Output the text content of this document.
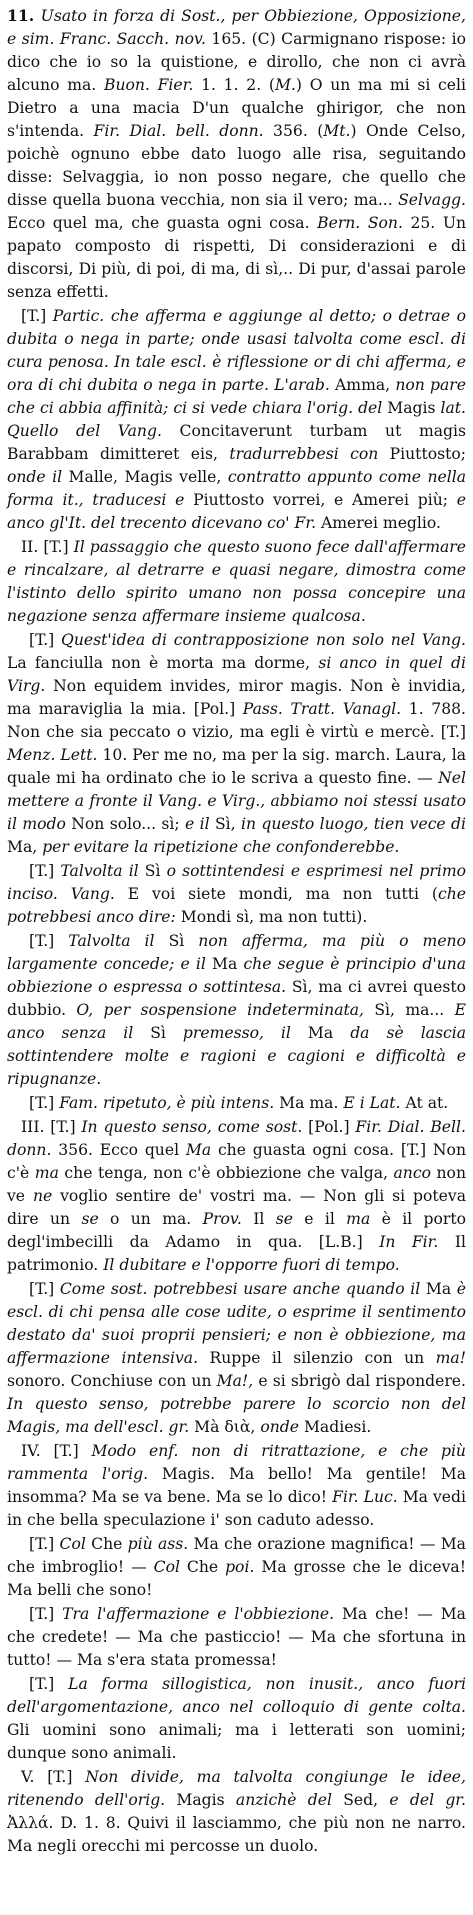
11. Usato in forza di Sost., per Obbiezione, Opposizione, e sim. Franc. Sacch. nov. 165. (C) Carmignano rispose: io dico che io so la quistione, e dirollo, che non ci avrà alcuno ma. Buon. Fier. 1. 1. 2. (M.) O un ma mi si celi Dietro a una macia D'un qualche ghirigor, che non s'intenda. Fir. Dial. bell. donn. 356. (Mt.) Onde Celso, poichè ognuno ebbe dato luogo alle risa, seguitando disse: Selvaggia, io non posso negare, che quello che disse quella buona vecchia, non sia il vero; ma... Selvagg. Ecco quel ma, che guasta ogni cosa. Bern. Son. 25. Un papato composto di rispetti, Di considerazioni e di discorsi, Di più, di poi, di ma, di sì,.. Di pur, d'assai parole senza effetti.

[T.] Partic. che afferma e aggiunge al detto; o detrae o dubita o nega in parte; onde usasi talvolta come escl. di cura penosa. In tale escl. è riflessione or di chi afferma, e ora di chi dubita o nega in parte. L'arab. Amma, non pare che ci abbia affinità; ci si vede chiara l'orig. del Magis lat. Quello del Vang. Concitaverunt turbam ut magis Barabbam dimitteret eis, tradurrebbesi con Piuttosto; onde il Malle, Magis velle, contratto appunto come nella forma it., traducesi e Piuttosto vorrei, e Amerei più; e anco gl'It. del trecento dicevano co' Fr. Amerei meglio.

II. [T.] Il passaggio che questo suono fece dall'affermare e rincalzare, al detrarre e quasi negare, dimostra come l'istinto dello spirito umano non possa concepire una negazione senza affermare insieme qualcosa.

[T.] Quest'idea di contrapposizione non solo nel Vang. La fanciulla non è morta ma dorme, si anco in quel di Virg. Non equidem invides, miror magis. Non è invidia, ma maraviglia la mia. [Pol.] Pass. Tratt. Vanagl. 1. 788. Non che sia peccato o vizio, ma egli è virtù e mercè. [T.] Menz. Lett. 10. Per me no, ma per la sig. march. Laura, la quale mi ha ordinato che io le scriva a questo fine. — Nel mettere a fronte il Vang. e Virg., abbiamo noi stessi usato il modo Non solo... sì; e il Sì, in questo luogo, tien vece di Ma, per evitare la ripetizione che confonderebbe.

[T.] Talvolta il Sì o sottintendesi e esprimesi nel primo inciso. Vang. E voi siete mondi, ma non tutti (che potrebbesi anco dire: Mondi sì, ma non tutti).

[T.] Talvolta il Sì non afferma, ma più o meno largamente concede; e il Ma che segue è principio d'una obbiezione o espressa o sottintesa. Sì, ma ci avrei questo dubbio. O, per sospensione indeterminata, Sì, ma... E anco senza il Sì premesso, il Ma da sè lascia sottintendere molte e ragioni e cagioni e difficoltà e ripugnanze.

[T.] Fam. ripetuto, è più intens. Ma ma. E i Lat. At at.

III. [T.] In questo senso, come sost. [Pol.] Fir. Dial. Bell. donn. 356. Ecco quel Ma che guasta ogni cosa. [T.] Non c'è ma che tenga, non c'è obbiezione che valga, anco non ve ne voglio sentire de' vostri ma. — Non gli si poteva dire un se o un ma. Prov. Il se e il ma è il porto degl'imbecilli da Adamo in qua. [L.B.] In Fir. Il patrimonio. Il dubitare e l'opporre fuori di tempo.

[T.] Come sost. potrebbesi usare anche quando il Ma è escl. di chi pensa alle cose udite, o esprime il sentimento destato da' suoi proprii pensieri; e non è obbiezione, ma affermazione intensiva. Ruppe il silenzio con un ma! sonoro. Conchiuse con un Ma!, e si sbrigò dal rispondere. In questo senso, potrebbe parere lo scorcio non del Magis, ma dell'escl. gr. Mà διὰ, onde Madiesi.

IV. [T.] Modo enf. non di ritrattazione, e che più rammenta l'orig. Magis. Ma bello! Ma gentile! Ma insomma? Ma se va bene. Ma se lo dico! Fir. Luc. Ma vedi in che bella speculazione i' son caduto adesso.

[T.] Col Che più ass. Ma che orazione magnifica! — Ma che imbroglio! — Col Che poi. Ma grosse che le diceva! Ma belli che sono!

[T.] Tra l'affermazione e l'obbiezione. Ma che! — Ma che credete! — Ma che pasticcio! — Ma che sfortuna in tutto! — Ma s'era stata promessa!

[T.] La forma sillogistica, non inusit., anco fuori dell'argomentazione, anco nel colloquio di gente colta. Gli uomini sono animali; ma i letterati son uomini; dunque sono animali.

V. [T.] Non divide, ma talvolta congiunge le idee, ritenendo dell'orig. Magis anzichè del Sed, e del gr. Ἀλλά. D. 1. 8. Quivi il lasciammo, che più non ne narro. Ma negli orecchi mi percosse un duolo.
